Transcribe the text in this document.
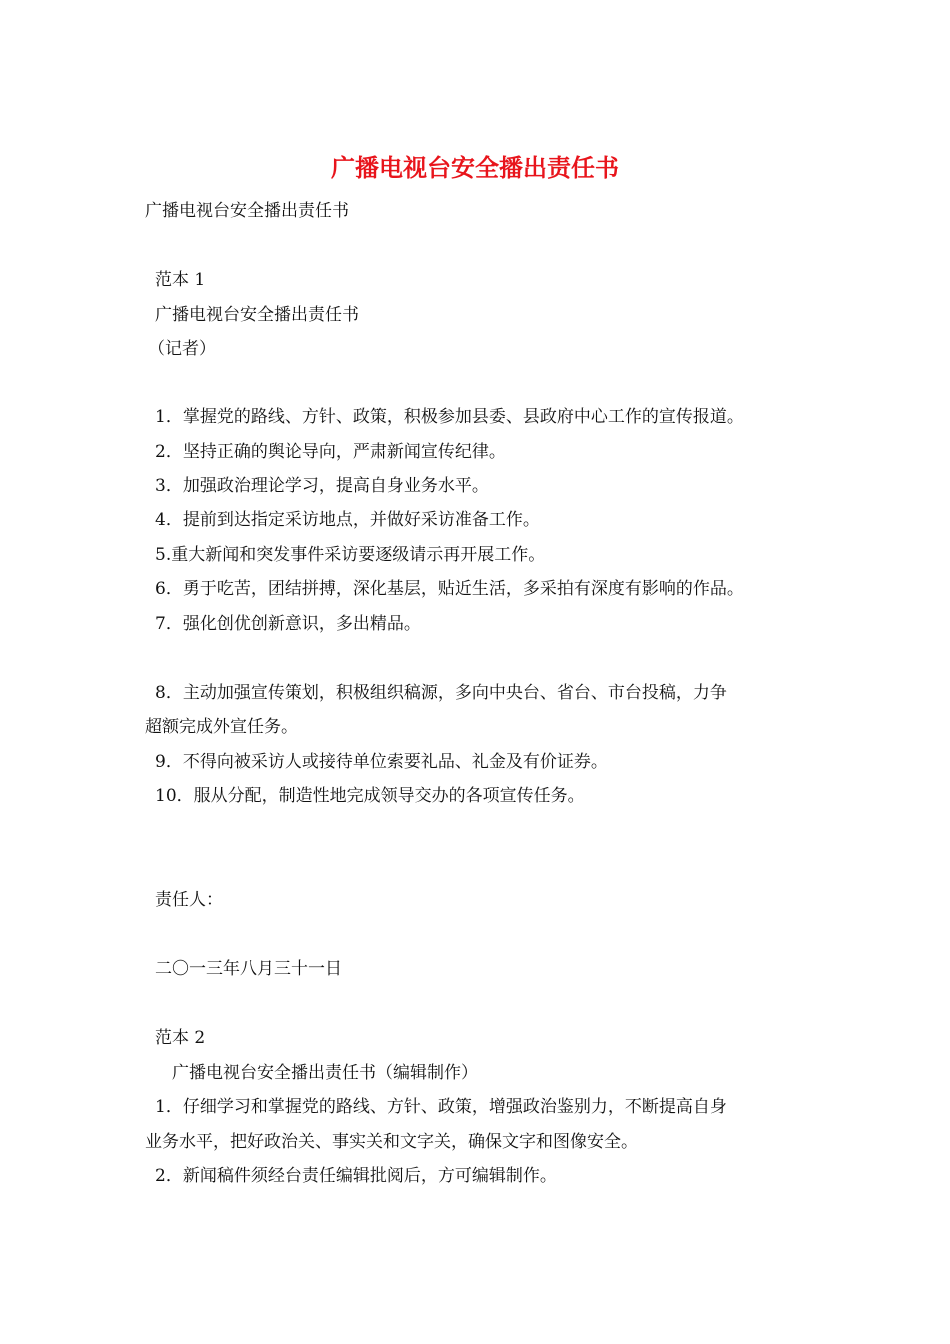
广播电视台安全播出责任书
广播电视台安全播出责任书
范本 1
广播电视台安全播出责任书
（记者）
1．掌握党的路线、方针、政策，积极参加县委、县政府中心工作的宣传报道。
2．坚持正确的舆论导向，严肃新闻宣传纪律。
3．加强政治理论学习，提高自身业务水平。
4．提前到达指定采访地点，并做好采访准备工作。
5.重大新闻和突发事件采访要逐级请示再开展工作。
6．勇于吃苦，团结拼搏，深化基层，贴近生活，多采拍有深度有影响的作品。
7．强化创优创新意识，多出精品。
8．主动加强宣传策划，积极组织稿源，多向中央台、省台、市台投稿，力争
超额完成外宣任务。
9．不得向被采访人或接待单位索要礼品、礼金及有价证券。
10．服从分配，制造性地完成领导交办的各项宣传任务。
责任人：
二〇一三年八月三十一日
范本 2
广播电视台安全播出责任书（编辑制作）
1．仔细学习和掌握党的路线、方针、政策，增强政治鉴别力，不断提高自身
业务水平，把好政治关、事实关和文字关，确保文字和图像安全。
2．新闻稿件须经台责任编辑批阅后，方可编辑制作。
